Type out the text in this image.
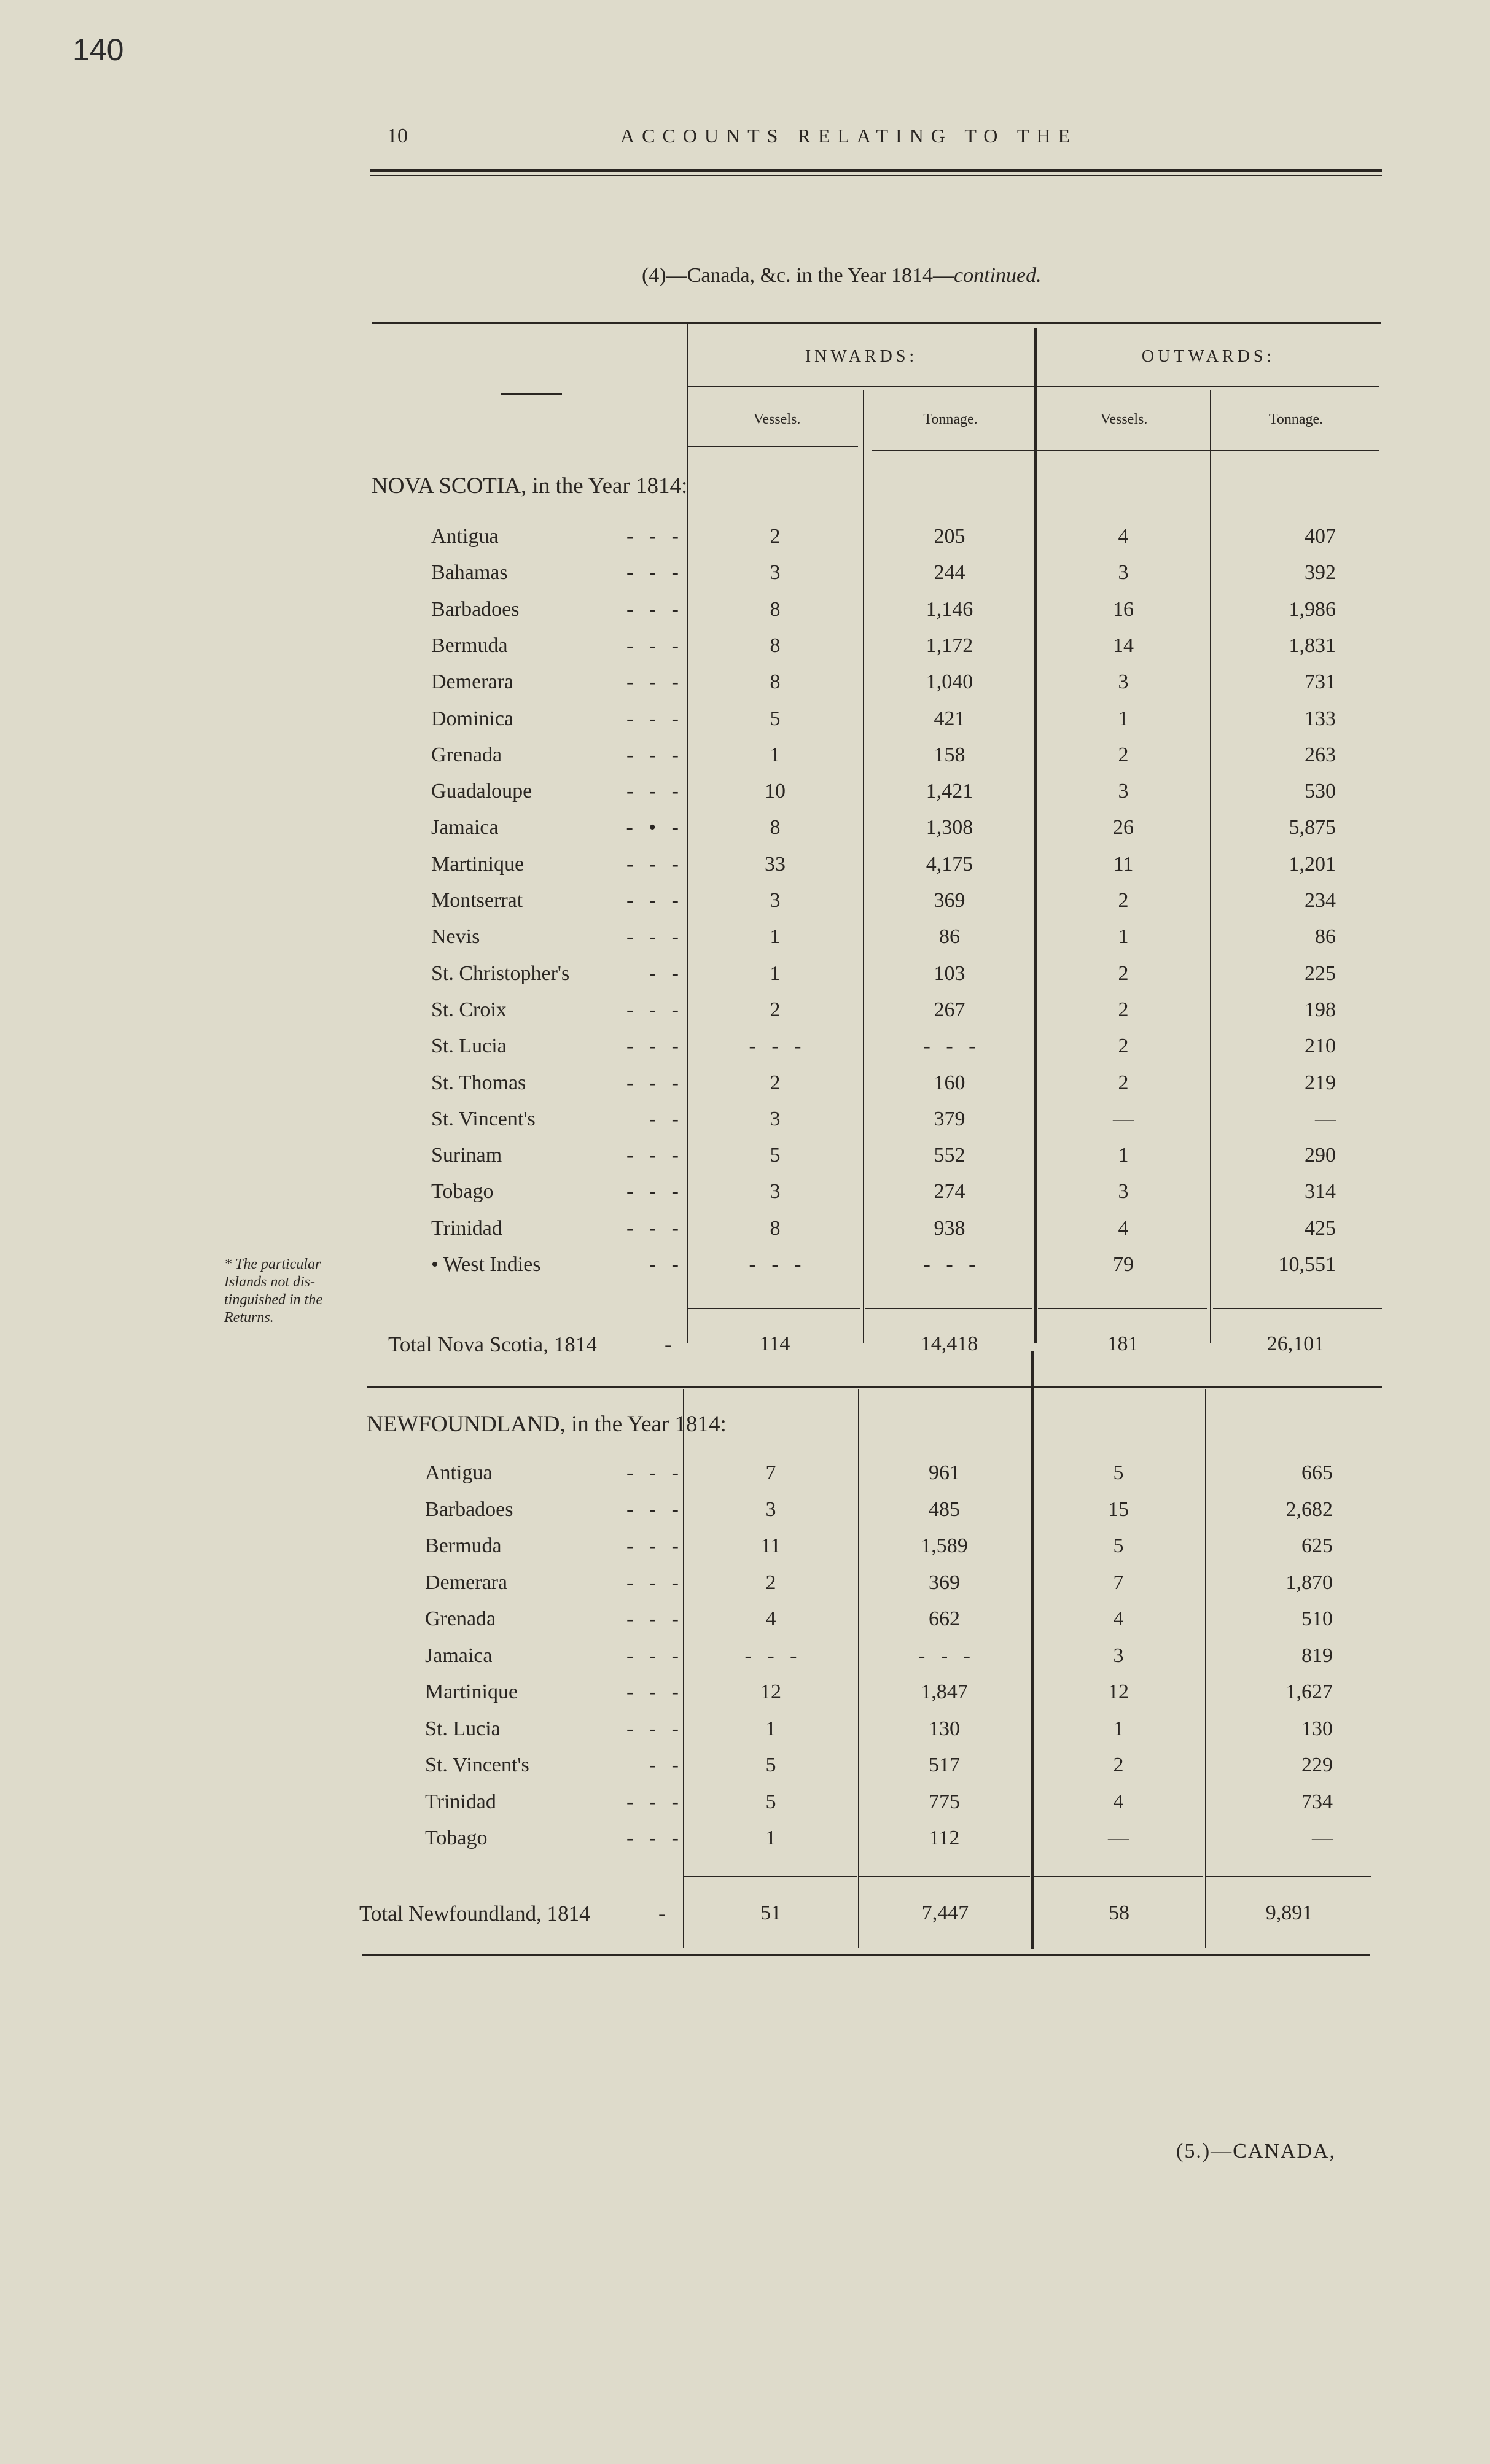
140
10	ACCOUNTS RELATING TO THE
(4)—Canada, &c. in the Year 1814—continued.
INWARDS:	OUTWARDS:
Vessels.	Tonnage.	Vessels.	Tonnage.
NOVA SCOTIA, in the Year 1814:
Antigua	-   -   -	2	205	4	407
Bahamas	-   -   -	3	244	3	392
Barbadoes	-   -   -	8	1,146	16	1,986
Bermuda	-   -   -	8	1,172	14	1,831
Demerara	-   -   -	8	1,040	3	731
Dominica	-   -   -	5	421	1	133
Grenada	-   -   -	1	158	2	263
Guadaloupe	-   -   -	10	1,421	3	530
Jamaica	-   •   -	8	1,308	26	5,875
Martinique	-   -   -	33	4,175	11	1,201
Montserrat	-   -   -	3	369	2	234
Nevis	-   -   -	1	86	1	86
St. Christopher's	-   -	1	103	2	225
St. Croix	-   -   -	2	267	2	198
St. Lucia	-   -   -	-   -   -	-   -   -	2	210
St. Thomas	-   -   -	2	160	2	219
St. Vincent's	-   -	3	379	—	—
Surinam	-   -   -	5	552	1	290
Tobago	-   -   -	3	274	3	314
Trinidad	-   -   -	8	938	4	425
• West Indies	-   -	-   -   -	-   -   -	79	10,551
* The particular
Islands not dis-
tinguished in the
Returns.
Total Nova Scotia, 1814	-	114	14,418	181	26,101
NEWFOUNDLAND, in the Year 1814:
Antigua	-   -   -	7	961	5	665
Barbadoes	-   -   -	3	485	15	2,682
Bermuda	-   -   -	11	1,589	5	625
Demerara	-   -   -	2	369	7	1,870
Grenada	-   -   -	4	662	4	510
Jamaica	-   -   -	-   -   -	-   -   -	3	819
Martinique	-   -   -	12	1,847	12	1,627
St. Lucia	-   -   -	1	130	1	130
St. Vincent's	-   -	5	517	2	229
Trinidad	-   -   -	5	775	4	734
Tobago	-   -   -	1	112	—	—
Total Newfoundland, 1814	-	51	7,447	58	9,891
(5.)—CANADA,
